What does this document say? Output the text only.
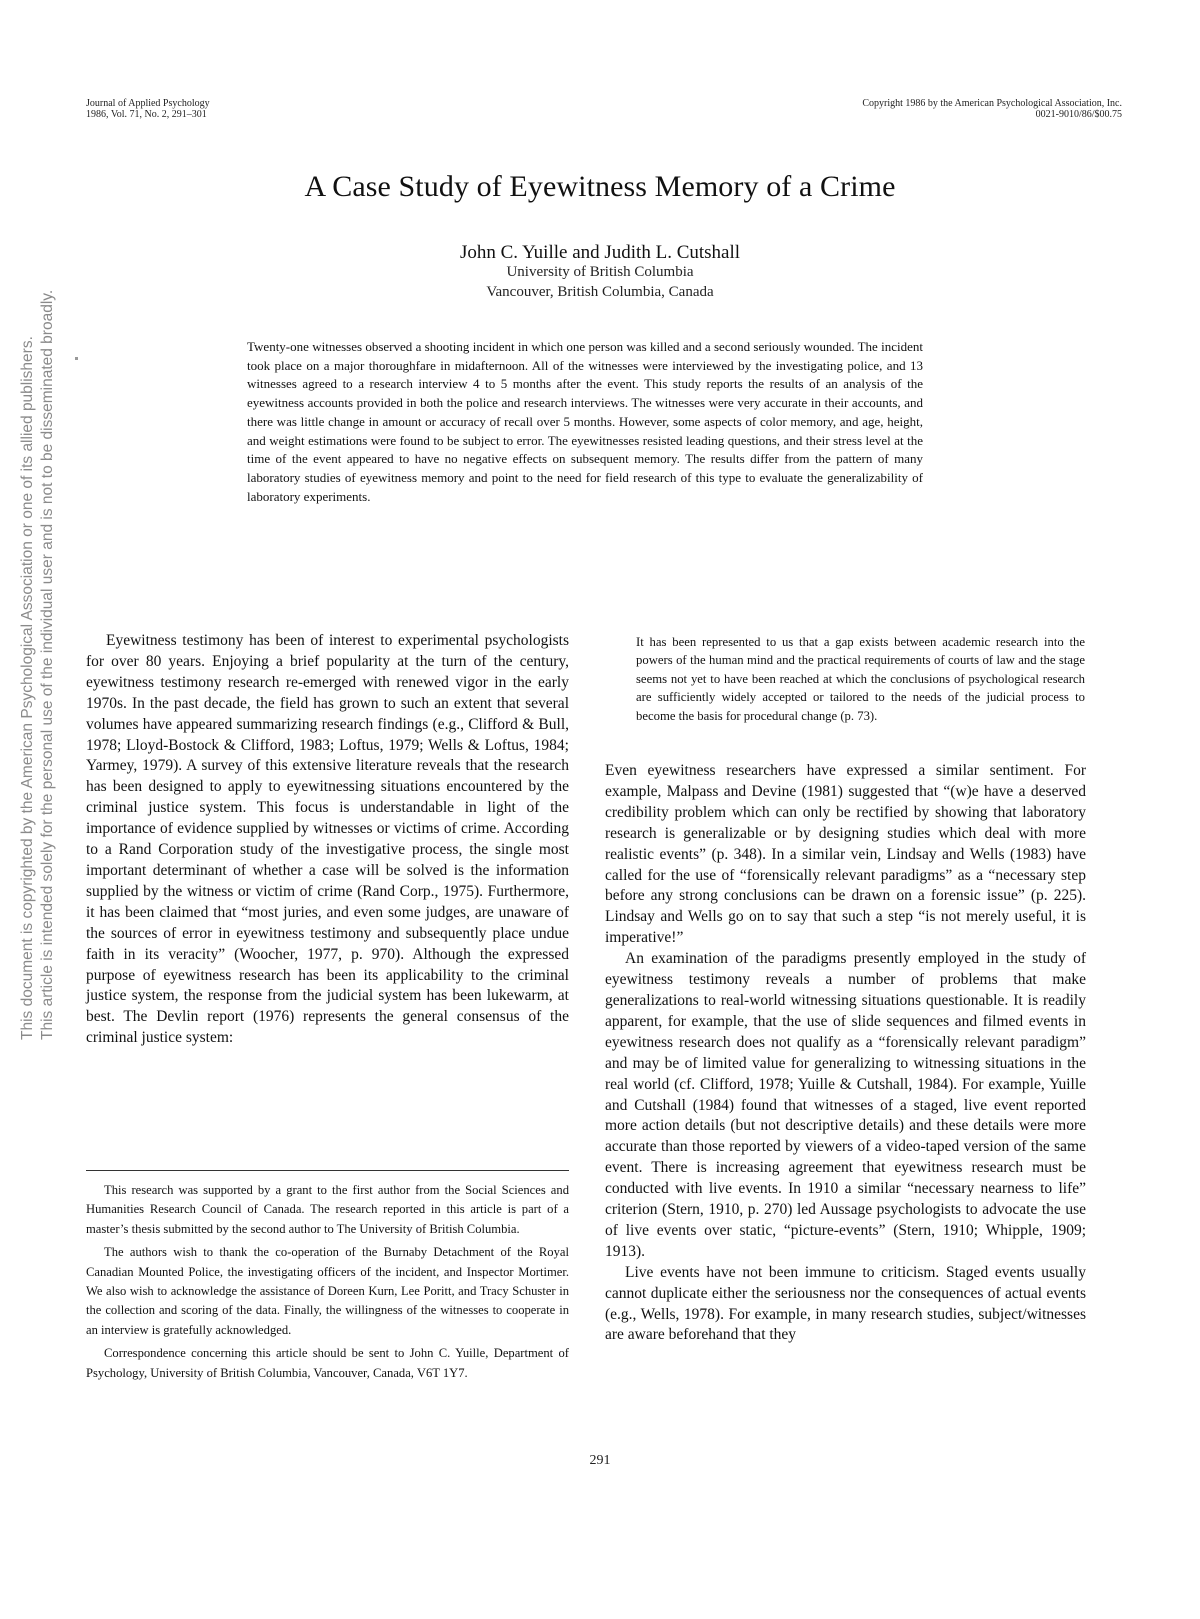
Journal of Applied Psychology
1986, Vol. 71, No. 2, 291–301
Copyright 1986 by the American Psychological Association, Inc.
0021-9010/86/$00.75
A Case Study of Eyewitness Memory of a Crime
John C. Yuille and Judith L. Cutshall
University of British Columbia
Vancouver, British Columbia, Canada
Twenty-one witnesses observed a shooting incident in which one person was killed and a second seriously wounded. The incident took place on a major thoroughfare in midafternoon. All of the witnesses were interviewed by the investigating police, and 13 witnesses agreed to a research interview 4 to 5 months after the event. This study reports the results of an analysis of the eyewitness accounts provided in both the police and research interviews. The witnesses were very accurate in their accounts, and there was little change in amount or accuracy of recall over 5 months. However, some aspects of color memory, and age, height, and weight estimations were found to be subject to error. The eyewitnesses resisted leading questions, and their stress level at the time of the event appeared to have no negative effects on subsequent memory. The results differ from the pattern of many laboratory studies of eyewitness memory and point to the need for field research of this type to evaluate the generalizability of laboratory experiments.
This document is copyrighted by the American Psychological Association or one of its allied publishers. This article is intended solely for the personal use of the individual user and is not to be disseminated broadly.	Eyewitness testimony has been of interest to experimental psychologists for over 80 years. Enjoying a brief popularity at the turn of the century, eyewitness testimony research re-emerged with renewed vigor in the early 1970s. In the past decade, the field has grown to such an extent that several volumes have appeared summarizing research findings (e.g., Clifford & Bull, 1978; Lloyd-Bostock & Clifford, 1983; Loftus, 1979; Wells & Loftus, 1984; Yarmey, 1979). A survey of this extensive literature reveals that the research has been designed to apply to eyewitnessing situations encountered by the criminal justice system. This focus is understandable in light of the importance of evidence supplied by witnesses or victims of crime. According to a Rand Corporation study of the investigative process, the single most important determinant of whether a case will be solved is the information supplied by the witness or victim of crime (Rand Corp., 1975). Furthermore, it has been claimed that “most juries, and even some judges, are unaware of the sources of error in eyewitness testimony and subsequently place undue faith in its veracity” (Woocher, 1977, p. 970). Although the expressed purpose of eyewitness research has been its applicability to the criminal justice system, the response from the judicial system has been lukewarm, at best. The Devlin report (1976) represents the general consensus of the criminal justice system:

This research was supported by a grant to the first author from the Social Sciences and Humanities Research Council of Canada. The research reported in this article is part of a master’s thesis submitted by the second author to The University of British Columbia.

The authors wish to thank the co-operation of the Burnaby Detachment of the Royal Canadian Mounted Police, the investigating officers of the incident, and Inspector Mortimer. We also wish to acknowledge the assistance of Doreen Kurn, Lee Poritt, and Tracy Schuster in the collection and scoring of the data. Finally, the willingness of the witnesses to cooperate in an interview is gratefully acknowledged.

Correspondence concerning this article should be sent to John C. Yuille, Department of Psychology, University of British Columbia, Vancouver, Canada, V6T 1Y7.

It has been represented to us that a gap exists between academic research into the powers of the human mind and the practical requirements of courts of law and the stage seems not yet to have been reached at which the conclusions of psychological research are sufficiently widely accepted or tailored to the needs of the judicial process to become the basis for procedural change (p. 73).

Even eyewitness researchers have expressed a similar sentiment. For example, Malpass and Devine (1981) suggested that “(w)e have a deserved credibility problem which can only be rectified by showing that laboratory research is generalizable or by designing studies which deal with more realistic events” (p. 348). In a similar vein, Lindsay and Wells (1983) have called for the use of “forensically relevant paradigms” as a “necessary step before any strong conclusions can be drawn on a forensic issue” (p. 225). Lindsay and Wells go on to say that such a step “is not merely useful, it is imperative!”

An examination of the paradigms presently employed in the study of eyewitness testimony reveals a number of problems that make generalizations to real-world witnessing situations questionable. It is readily apparent, for example, that the use of slide sequences and filmed events in eyewitness research does not qualify as a “forensically relevant paradigm” and may be of limited value for generalizing to witnessing situations in the real world (cf. Clifford, 1978; Yuille & Cutshall, 1984). For example, Yuille and Cutshall (1984) found that witnesses of a staged, live event reported more action details (but not descriptive details) and these details were more accurate than those reported by viewers of a video-taped version of the same event. There is increasing agreement that eyewitness research must be conducted with live events. In 1910 a similar “necessary nearness to life” criterion (Stern, 1910, p. 270) led Aussage psychologists to advocate the use of live events over static, “picture-events” (Stern, 1910; Whipple, 1909; 1913).

Live events have not been immune to criticism. Staged events usually cannot duplicate either the seriousness nor the consequences of actual events (e.g., Wells, 1978). For example, in many research studies, subject/witnesses are aware beforehand that they

291
